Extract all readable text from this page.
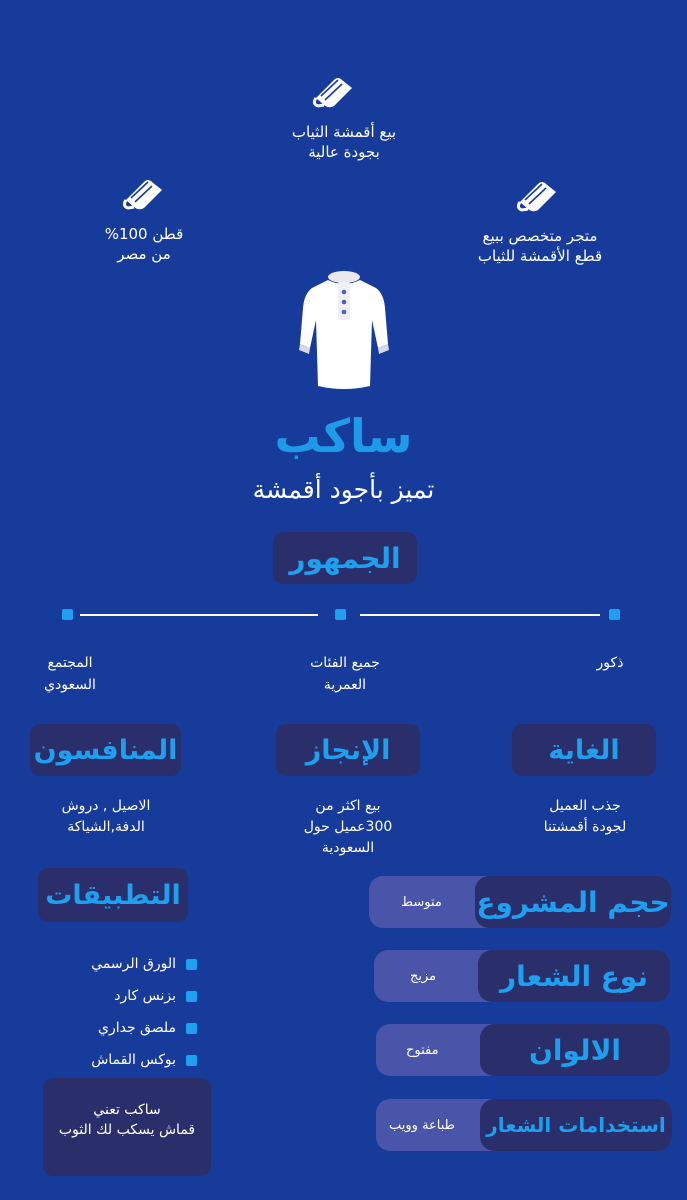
بيع أقمشة الثياب
بجودة عالية
قطن 100%
من مصر
متجر متخصص ببيع
قطع الأقمشة للثياب
ساكب
تميز بأجود أقمشة
الجمهور
ذكور
جميع الفئات
العمرية
المجتمع
السعودي
الغاية
الإنجاز
المنافسون
جذب العميل
لجودة أقمشتنا
بيع اكثر من
300عميل حول
السعودية
الاصيل , دروش
الدفة,الشياكة
التطبيقات
الورق الرسمي
بزنس كارد
ملصق جداري
بوكس القماش
ساكب تعني
قماش يسكب لك الثوب
حجم المشروع
متوسط
نوع الشعار
مزيج
الالوان
مفتوح
استخدامات الشعار
طباعة وويب
